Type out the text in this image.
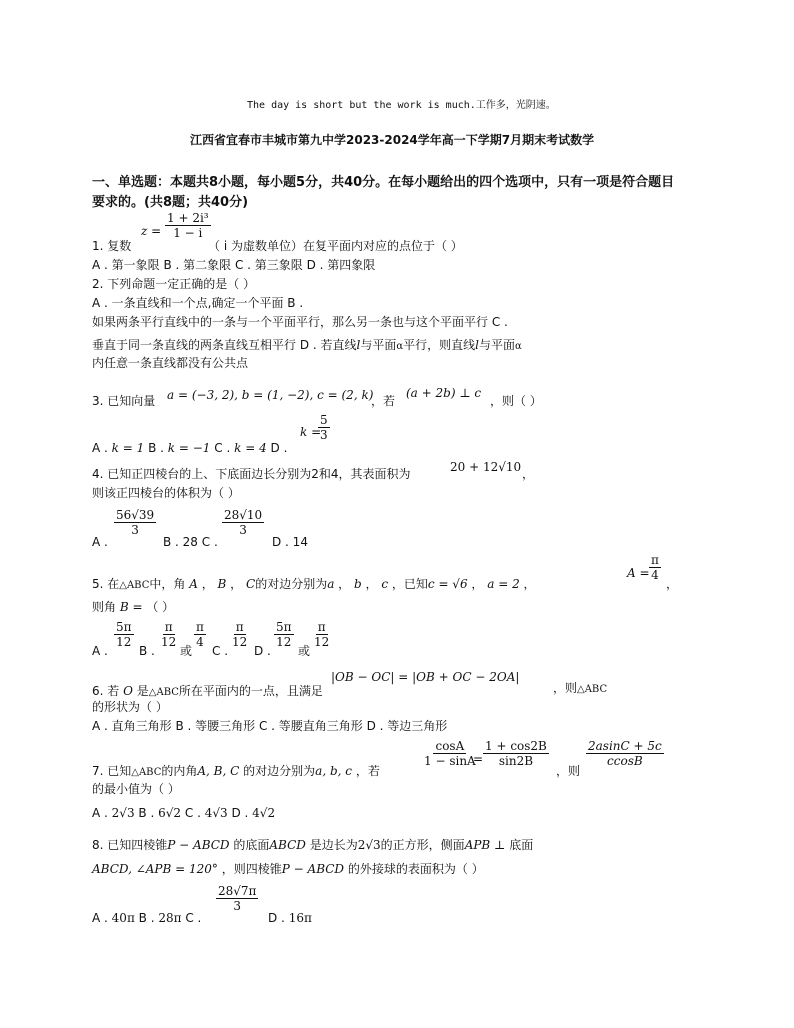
The day is short but the work is much.工作多，光阴速。
江西省宜春市丰城市第九中学2023-2024学年高一下学期7月期末考试数学
一、单选题：本题共8小题，每小题5分，共40分。在每小题给出的四个选项中，只有一项是符合题目
要求的。(共8题；共40分)
$z = \frac{\text{1 + 2i³}}{1 - i}$
1. 复数	（ i 为虚数单位）在复平面内对应的点位于（ ）
A . 第一象限 B . 第二象限 C . 第三象限 D . 第四象限
2. 下列命题一定正确的是（ ）
A . 一条直线和一个点,确定一个平面 B .
如果两条平行直线中的一条与一个平面平行，那么另一条也与这个平面平行 C .
垂直于同一条直线的两条直线互相平行 D . 若直线l与平面α平行，则直线l与平面α
内任意一条直线都没有公共点
3. 已知向量 a = (−3, 2), b = (1, −2), c = (2, k)
，若
(a + 2b) ⊥ c
，则（ ）
A . k = 1 B . k = −1 C . k = 4 D .
k =
$\frac{5}{3}$
4. 已知正四棱台的上、下底面边长分别为2和4，其表面积为	20 + 12√10 ，
则该正四棱台的体积为（ ）
$\frac{56√39}{3}$
A .	B . 28 C .
$\frac{28√10}{3}$
D . 14
5. 在△ABC中，角 A ， B ， C的对边分别为a ， b ， c ，已知c = √6 ， a = 2 ，
$A = \frac{\pi}{4}$
，
则角 B = （ ）
A .
$\frac{5\pi}{12}$
B .
$\frac{\pi}{12}$
或
$\frac{\pi}{4}$
C .
$\frac{\pi}{12}$
D .
$\frac{5\pi}{12}$
或
$\frac{\pi}{12}$
6. 若 O 是△ABC所在平面内的一点，且满足
|OB − OC| = |OB + OC − 2OA|
，则△ABC
的形状为（ ）
A . 直角三角形 B . 等腰三角形 C . 等腰直角三角形 D . 等边三角形
7. 已知△ABC的内角A, B, C 的对边分别为a, b, c ，若
$\frac{\cos A}{1 - \sin A}$
= $\frac{1 + \cos 2B}{\sin 2B}$
，则
$\frac{2asinC + 5c}{ccosB}$
的最小值为（ ）
A . 2√3 B . 6√2 C . 4√3 D . 4√2
8. 已知四棱锥P − ABCD 的底面ABCD 是边长为2√3的正方形，侧面APB ⊥ 底面
ABCD, ∠APB = 120° ，则四棱锥P − ABCD 的外接球的表面积为（ ）
A . 40π B . 28π C .
$\frac{28√7\pi}{3}$
D . 16π
